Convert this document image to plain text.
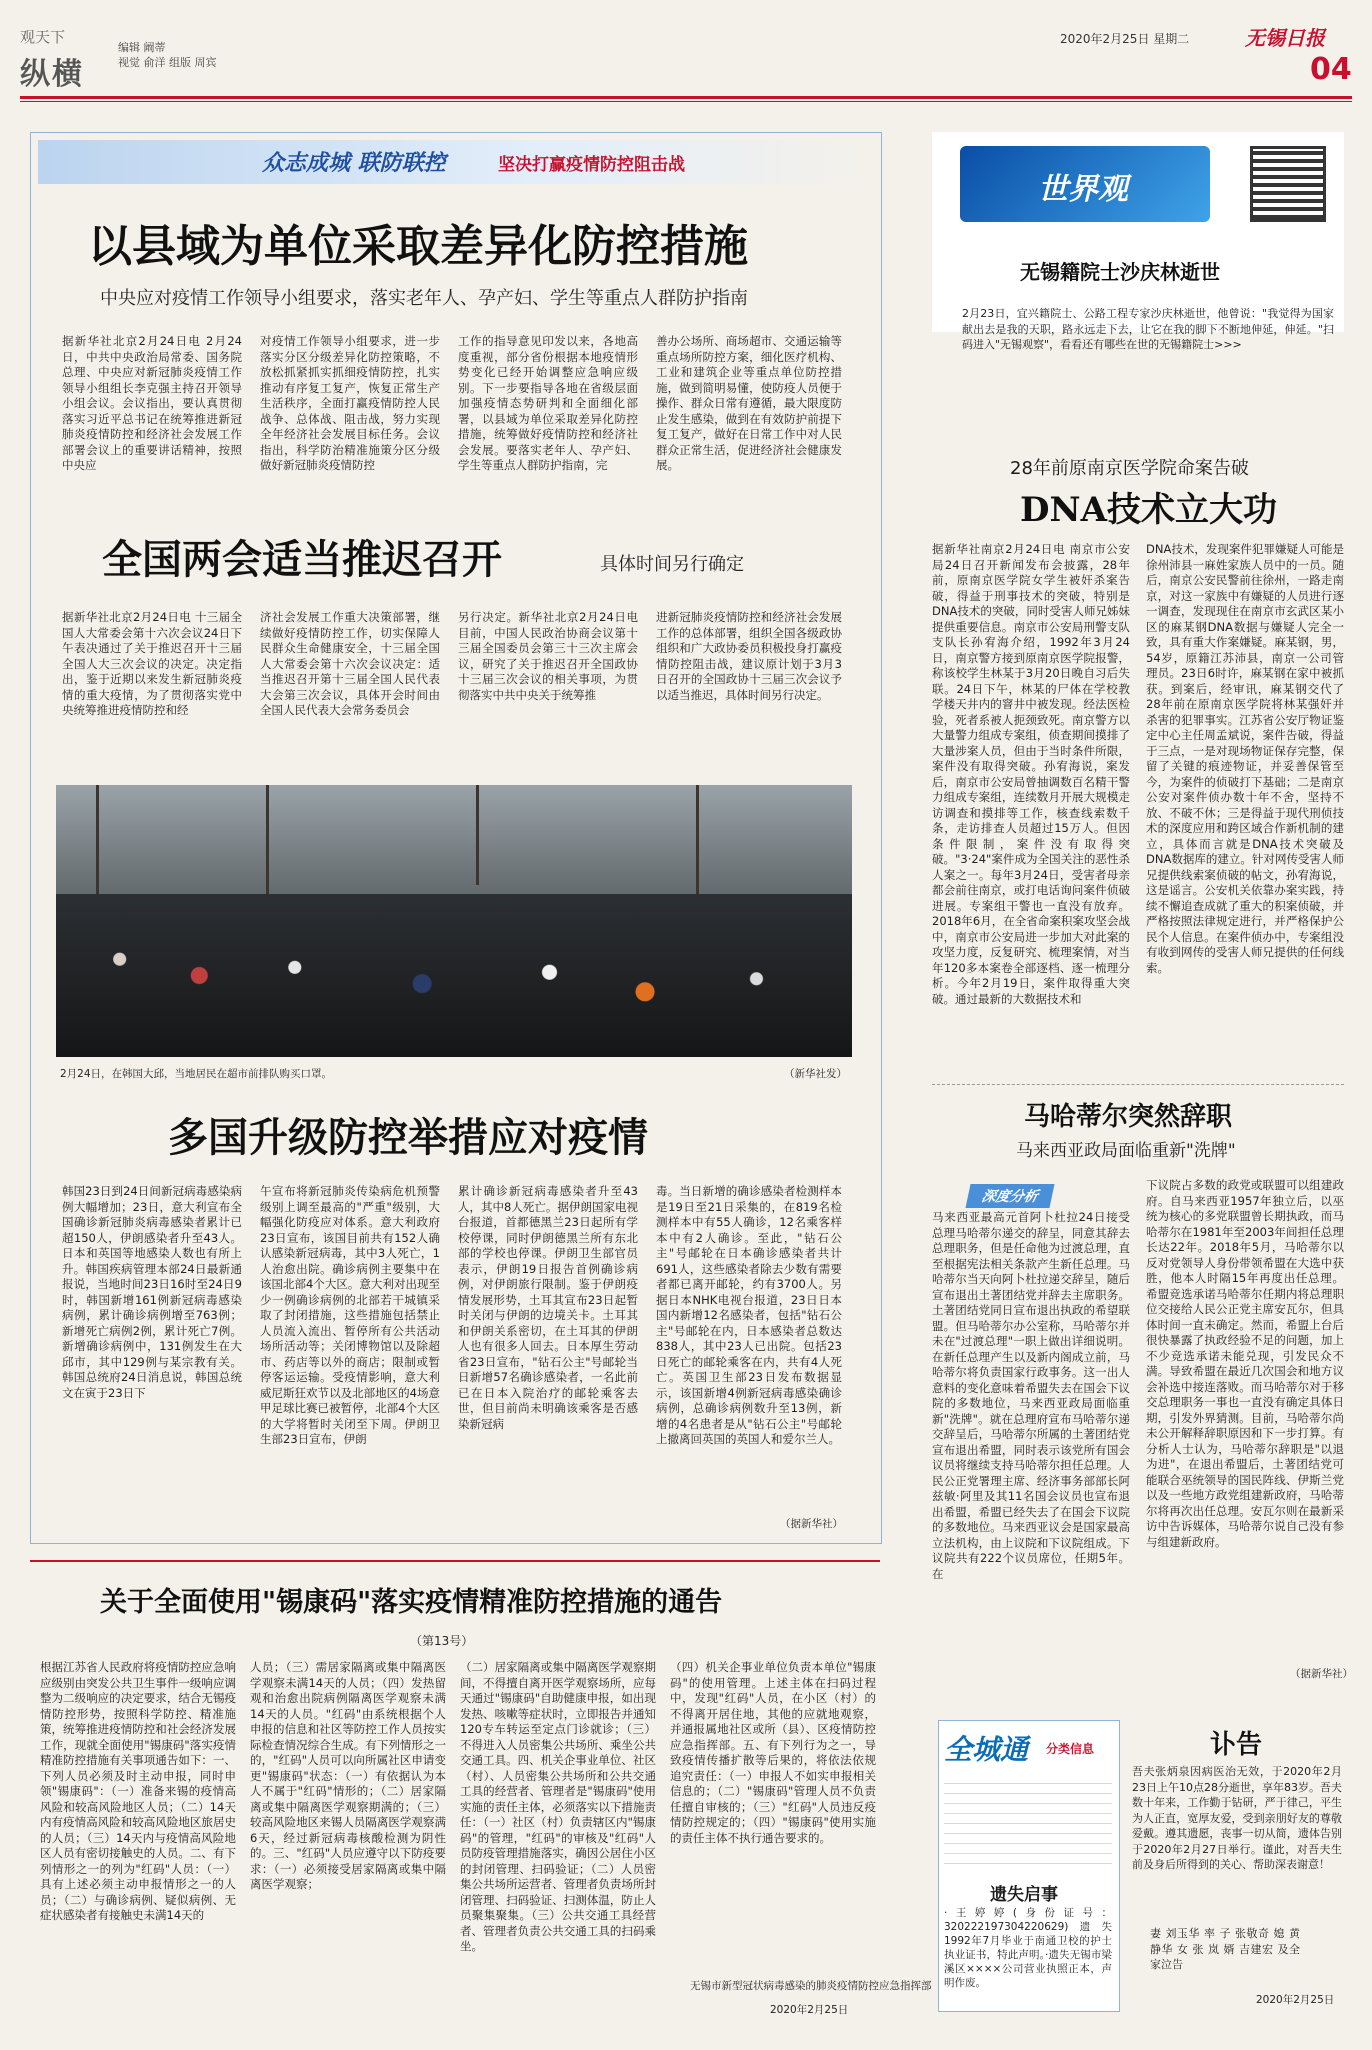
观天下
纵横
编辑 阚蒂
视觉 俞洋 组版 周宾
2020年2月25日 星期二	无锡日报
04
众志成城 联防联控	坚决打赢疫情防控阻击战
以县域为单位采取差异化防控措施
中央应对疫情工作领导小组要求，落实老年人、孕产妇、学生等重点人群防护指南
据新华社北京2月24日电 2月24日，中共中央政治局常委、国务院总理、中央应对新冠肺炎疫情工作领导小组组长李克强主持召开领导小组会议。会议指出，要认真贯彻落实习近平总书记在统筹推进新冠肺炎疫情防控和经济社会发展工作部署会议上的重要讲话精神，按照中央应
对疫情工作领导小组要求，进一步落实分区分级差异化防控策略，不放松抓紧抓实抓细疫情防控，扎实推动有序复工复产，恢复正常生产生活秩序，全面打赢疫情防控人民战争、总体战、阻击战，努力实现全年经济社会发展目标任务。会议指出，科学防治精准施策分区分级做好新冠肺炎疫情防控
工作的指导意见印发以来，各地高度重视，部分省份根据本地疫情形势变化已经开始调整应急响应级别。下一步要指导各地在省级层面加强疫情态势研判和全面细化部署，以县域为单位采取差异化防控措施，统筹做好疫情防控和经济社会发展。要落实老年人、孕产妇、学生等重点人群防护指南，完
善办公场所、商场超市、交通运输等重点场所防控方案，细化医疗机构、工业和建筑企业等重点单位防控措施，做到简明易懂，使防疫人员便于操作、群众日常有遵循，最大限度防止发生感染，做到在有效防护前提下复工复产，做好在日常工作中对人民群众正常生活，促进经济社会健康发展。
全国两会适当推迟召开	具体时间另行确定
据新华社北京2月24日电 十三届全国人大常委会第十六次会议24日下午表决通过了关于推迟召开十三届全国人大三次会议的决定。决定指出，鉴于近期以来发生新冠肺炎疫情的重大疫情，为了贯彻落实党中央统筹推进疫情防控和经
济社会发展工作重大决策部署，继续做好疫情防控工作，切实保障人民群众生命健康安全，十三届全国人大常委会第十六次会议决定：适当推迟召开第十三届全国人民代表大会第三次会议，具体开会时间由全国人民代表大会常务委员会
另行决定。新华社北京2月24日电 目前，中国人民政治协商会议第十三届全国委员会第三十三次主席会议，研究了关于推迟召开全国政协十三届三次会议的相关事项，为贯彻落实中共中央关于统筹推
进新冠肺炎疫情防控和经济社会发展工作的总体部署，组织全国各级政协组织和广大政协委员积极投身打赢疫情防控阻击战，建议原计划于3月3日召开的全国政协十三届三次会议予以适当推迟，具体时间另行决定。
2月24日，在韩国大邱，当地居民在超市前排队购买口罩。	（新华社发）
多国升级防控举措应对疫情
韩国23日到24日间新冠病毒感染病例大幅增加；23日，意大利宣布全国确诊新冠肺炎病毒感染者累计已超150人，伊朗感染者升至43人。日本和英国等地感染人数也有所上升。韩国疾病管理本部24日最新通报说，当地时间23日16时至24日9时，韩国新增161例新冠病毒感染病例，累计确诊病例增至763例；新增死亡病例2例，累计死亡7例。新增确诊病例中，131例发生在大邱市，其中129例与某宗教有关。韩国总统府24日消息说，韩国总统文在寅于23日下
午宣布将新冠肺炎传染病危机预警级别上调至最高的"严重"级别，大幅强化防疫应对体系。意大利政府23日宣布，该国目前共有152人确认感染新冠病毒，其中3人死亡，1人治愈出院。确诊病例主要集中在该国北部4个大区。意大利对出现至少一例确诊病例的北部若干城镇采取了封闭措施，这些措施包括禁止人员流入流出、暂停所有公共活动场所活动等；关闭博物馆以及除超市、药店等以外的商店；限制或暂停客运运输。受疫情影响，意大利威尼斯狂欢节以及北部地区的4场意甲足球比赛已被暂停，北部4个大区的大学将暂时关闭至下周。伊朗卫生部23日宣布，伊朗
累计确诊新冠病毒感染者升至43人，其中8人死亡。据伊朗国家电视台报道，首都德黑兰23日起所有学校停课，同时伊朗德黑兰所有东北部的学校也停课。伊朗卫生部官员表示，伊朗19日报告首例确诊病例，对伊朗旅行限制。鉴于伊朗疫情发展形势，土耳其宣布23日起暂时关闭与伊朗的边境关卡。土耳其和伊朗关系密切，在土耳其的伊朗人也有很多人回去。日本厚生劳动省23日宣布，"钻石公主"号邮轮当日新增57名确诊感染者，一名此前已在日本入院治疗的邮轮乘客去世，但目前尚未明确该乘客是否感染新冠病
毒。当日新增的确诊感染者检测样本是19日至21日采集的，在819名检测样本中有55人确诊，12名乘客样本中有2人确诊。至此，"钻石公主"号邮轮在日本确诊感染者共计691人，这些感染者除去少数有需要者都已离开邮轮，约有3700人。另据日本NHK电视台报道，23日日本国内新增12名感染者，包括"钻石公主"号邮轮在内，日本感染者总数达838人，其中23人已出院。包括23日死亡的邮轮乘客在内，共有4人死亡。英国卫生部23日发布数据显示，该国新增4例新冠病毒感染确诊病例，总确诊病例数升至13例，新增的4名患者是从"钻石公主"号邮轮上撤离回英国的英国人和爱尔兰人。
（据新华社）
关于全面使用"锡康码"落实疫情精准防控措施的通告
（第13号）
根据江苏省人民政府将疫情防控应急响应级别由突发公共卫生事件一级响应调整为二级响应的决定要求，结合无锡疫情防控形势，按照科学防控、精准施策，统筹推进疫情防控和社会经济发展工作，现就全面使用"锡康码"落实疫情精准防控措施有关事项通告如下：一、下列人员必须及时主动申报，同时申领"锡康码"：（一）准备来锡的疫情高风险和较高风险地区人员；（二）14天内有疫情高风险和较高风险地区旅居史的人员；（三）14天内与疫情高风险地区人员有密切接触史的人员。二、有下列情形之一的列为"红码"人员：（一）具有上述必须主动申报情形之一的人员；（二）与确诊病例、疑似病例、无症状感染者有接触史未满14天的
人员；（三）需居家隔离或集中隔离医学观察未满14天的人员；（四）发热留观和治愈出院病例隔离医学观察未满14天的人员。"红码"由系统根据个人申报的信息和社区等防控工作人员按实际检查情况综合生成。有下列情形之一的，"红码"人员可以向所属社区申请变更"锡康码"状态：（一）有依据认为本人不属于"红码"情形的；（二）居家隔离或集中隔离医学观察期满的；（三）较高风险地区来锡人员隔离医学观察满6天，经过新冠病毒核酸检测为阴性的。三、"红码"人员应遵守以下防疫要求：（一）必须接受居家隔离或集中隔离医学观察；
（二）居家隔离或集中隔离医学观察期间，不得擅自离开医学观察场所，应每天通过"锡康码"自助健康申报，如出现发热、咳嗽等症状时，立即报告并通知120专车转运至定点门诊就诊；（三）不得进入人员密集公共场所、乘坐公共交通工具。四、机关企事业单位、社区（村）、人员密集公共场所和公共交通工具的经营者、管理者是"锡康码"使用实施的责任主体，必须落实以下措施责任：（一）社区（村）负责辖区内"锡康码"的管理，"红码"的审核及"红码"人员防疫管理措施落实，确因公居住小区的封闭管理、扫码验证；（二）人员密集公共场所运营者、管理者负责场所封闭管理、扫码验证、扫测体温，防止人员聚集聚集。（三）公共交通工具经营者、管理者负责公共交通工具的扫码乘坐。
（四）机关企事业单位负责本单位"锡康码"的使用管理。上述主体在扫码过程中，发现"红码"人员，在小区（村）的不得离开居住地，其他的应就地观察，并通报属地社区或所（县）、区疫情防控应急指挥部。五、有下列行为之一，导致疫情传播扩散等后果的，将依法依规追究责任：（一）申报人不如实申报相关信息的；（二）"锡康码"管理人员不负责任擅自审核的；（三）"红码"人员违反疫情防控规定的；（四）"锡康码"使用实施的责任主体不执行通告要求的。
无锡市新型冠状病毒感染的肺炎疫情防控应急指挥部
2020年2月25日
世界观
无锡籍院士沙庆林逝世
2月23日，宜兴籍院士、公路工程专家沙庆林逝世，他曾说："我觉得为国家献出去是我的天职，路永远走下去，让它在我的脚下不断地伸延，伸延。"扫码进入"无锡观察"，看看还有哪些在世的无锡籍院士>>>
28年前原南京医学院命案告破
DNA技术立大功
据新华社南京2月24日电 南京市公安局24日召开新闻发布会披露，28年前，原南京医学院女学生被奸杀案告破，得益于刑事技术的突破，特别是DNA技术的突破，同时受害人师兄姊妹提供重要信息。南京市公安局刑警支队支队长孙宥海介绍，1992年3月24日，南京警方接到原南京医学院报警，称该校学生林某于3月20日晚自习后失联。24日下午，林某的尸体在学校教学楼天井内的窨井中被发现。经法医检验，死者系被人扼颈致死。南京警方以大量警力组成专案组，侦查期间摸排了大量涉案人员，但由于当时条件所限，案件没有取得突破。孙宥海说，案发后，南京市公安局曾抽调数百名精干警力组成专案组，连续数月开展大规模走访调查和摸排等工作，核查线索数千条，走访排查人员超过15万人。但因条件限制，案件没有取得突破。"3·24"案件成为全国关注的恶性杀人案之一。每年3月24日，受害者母亲都会前往南京，或打电话询问案件侦破进展。专案组干警也一直没有放弃。2018年6月，在全省命案积案攻坚会战中，南京市公安局进一步加大对此案的攻坚力度，反复研究、梳理案情，对当年120多本案卷全部逐档、逐一梳理分析。今年2月19日，案件取得重大突破。通过最新的大数据技术和
DNA技术，发现案件犯罪嫌疑人可能是徐州沛县一麻姓家族人员中的一员。随后，南京公安民警前往徐州，一路走南京，对这一家族中有嫌疑的人员进行逐一调查，发现现住在南京市玄武区某小区的麻某钢DNA数据与嫌疑人完全一致，具有重大作案嫌疑。麻某钢，男，54岁，原籍江苏沛县，南京一公司管理员。23日6时许，麻某钢在家中被抓获。到案后，经审讯，麻某钢交代了28年前在原南京医学院将林某强奸并杀害的犯罪事实。江苏省公安厅物证鉴定中心主任周孟斌说，案件告破，得益于三点，一是对现场物证保存完整，保留了关键的痕迹物证，并妥善保管至今，为案件的侦破打下基础；二是南京公安对案件侦办数十年不舍，坚持不放、不破不休；三是得益于现代刑侦技术的深度应用和跨区域合作新机制的建立，具体而言就是DNA技术突破及DNA数据库的建立。针对网传受害人师兄提供线索案侦破的帖文，孙宥海说，这是谣言。公安机关依靠办案实践，持续不懈追查成就了重大的积案侦破，并严格按照法律规定进行，并严格保护公民个人信息。在案件侦办中，专案组没有收到网传的受害人师兄提供的任何线索。
马哈蒂尔突然辞职
马来西亚政局面临重新"洗牌"
深度分析
马来西亚最高元首阿卜杜拉24日接受总理马哈蒂尔递交的辞呈，同意其辞去总理职务，但是任命他为过渡总理，直至根据宪法相关条款产生新任总理。马哈蒂尔当天向阿卜杜拉递交辞呈，随后宣布退出土著团结党并辞去主席职务。土著团结党同日宣布退出执政的希望联盟。但马哈蒂尔办公室称，马哈蒂尔并未在"过渡总理"一职上做出详细说明。在新任总理产生以及新内阁成立前，马哈蒂尔将负责国家行政事务。这一出人意料的变化意味着希盟失去在国会下议院的多数地位，马来西亚政局面临重新"洗牌"。就在总理府宣布马哈蒂尔递交辞呈后，马哈蒂尔所属的土著团结党宣布退出希盟，同时表示该党所有国会议员将继续支持马哈蒂尔担任总理。人民公正党署理主席、经济事务部部长阿兹敏·阿里及其11名国会议员也宣布退出希盟，希盟已经失去了在国会下议院的多数地位。马来西亚议会是国家最高立法机构，由上议院和下议院组成。下议院共有222个议员席位，任期5年。在
下议院占多数的政党或联盟可以组建政府。自马来西亚1957年独立后，以巫统为核心的多党联盟曾长期执政，而马哈蒂尔在1981年至2003年间担任总理长达22年。2018年5月，马哈蒂尔以反对党领导人身份带领希盟在大选中获胜，他本人时隔15年再度出任总理。希盟竞选承诺马哈蒂尔任期内将总理职位交接给人民公正党主席安瓦尔，但具体时间一直未确定。然而，希盟上台后很快暴露了执政经验不足的问题，加上不少竞选承诺未能兑现，引发民众不满。导致希盟在最近几次国会和地方议会补选中接连落败。而马哈蒂尔对于移交总理职务一事也一直没有确定具体日期，引发外界猜测。目前，马哈蒂尔尚未公开解释辞职原因和下一步打算。有分析人士认为，马哈蒂尔辞职是"以退为进"，在退出希盟后，土著团结党可能联合巫统领导的国民阵线、伊斯兰党以及一些地方政党组建新政府，马哈蒂尔将再次出任总理。安瓦尔则在最新采访中告诉媒体，马哈蒂尔说自己没有参与组建新政府。
（据新华社）
全城通 分类信息
遗失启事
·王婷婷(身份证号：320222197304220629)遗失1992年7月毕业于南通卫校的护士执业证书，特此声明。·遗失无锡市梁溪区××××公司营业执照正本，声明作废。
讣告
吾夫张炳泉因病医治无效，于2020年2月23日上午10点28分逝世，享年83岁。吾夫数十年来，工作勤于钻研，严于律己，平生为人正直，宽厚友爱，受到亲朋好友的尊敬爱戴。遵其遗愿，丧事一切从简，遗体告别于2020年2月27日举行。谨此，对吾夫生前及身后所得到的关心、帮助深表谢意！
妻 刘玉华 率 子 张敬奇 媳 黄静华 女 张 岚 婿 吉建宏 及全家泣告
2020年2月25日
